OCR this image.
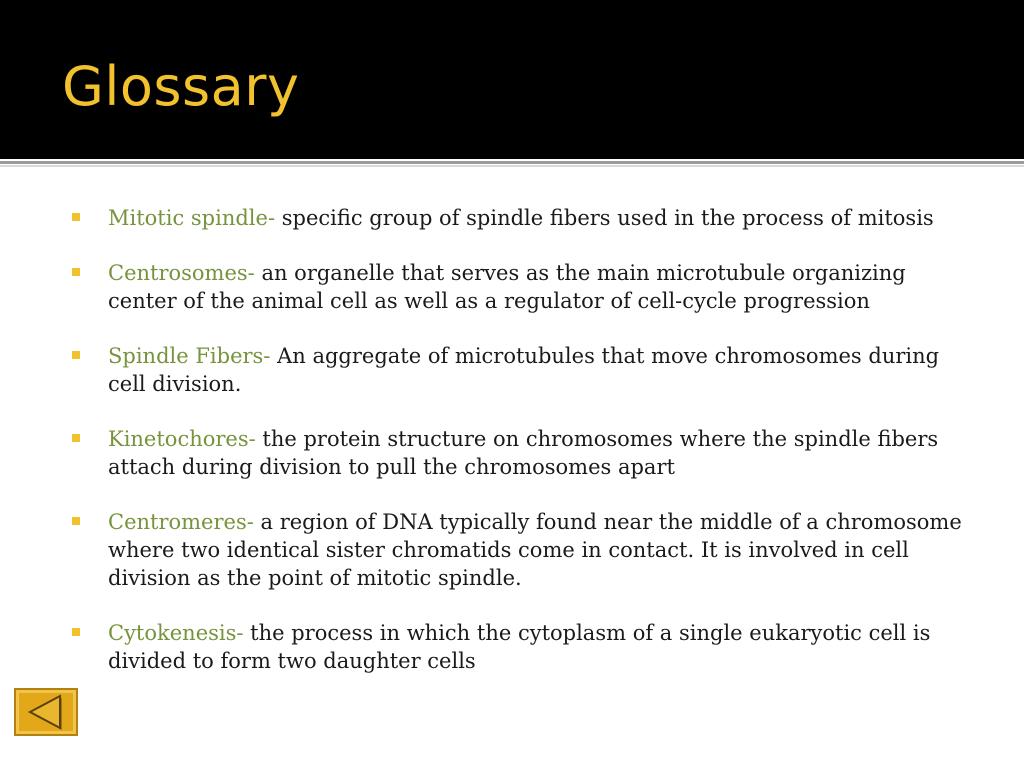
Glossary
Mitotic spindle- specific group of spindle fibers used in the process of mitosis
Centrosomes- an organelle that serves as the main microtubule organizing center of the animal cell as well as a regulator of cell-cycle progression
Spindle Fibers- An aggregate of microtubules that move chromosomes during cell division.
Kinetochores- the protein structure on chromosomes where the spindle fibers attach during division to pull the chromosomes apart
Centromeres- a region of DNA typically found near the middle of a chromosome where two identical sister chromatids come in contact. It is involved in cell division as the point of mitotic spindle.
Cytokenesis- the process in which the cytoplasm of a single eukaryotic cell is divided to form two daughter cells
